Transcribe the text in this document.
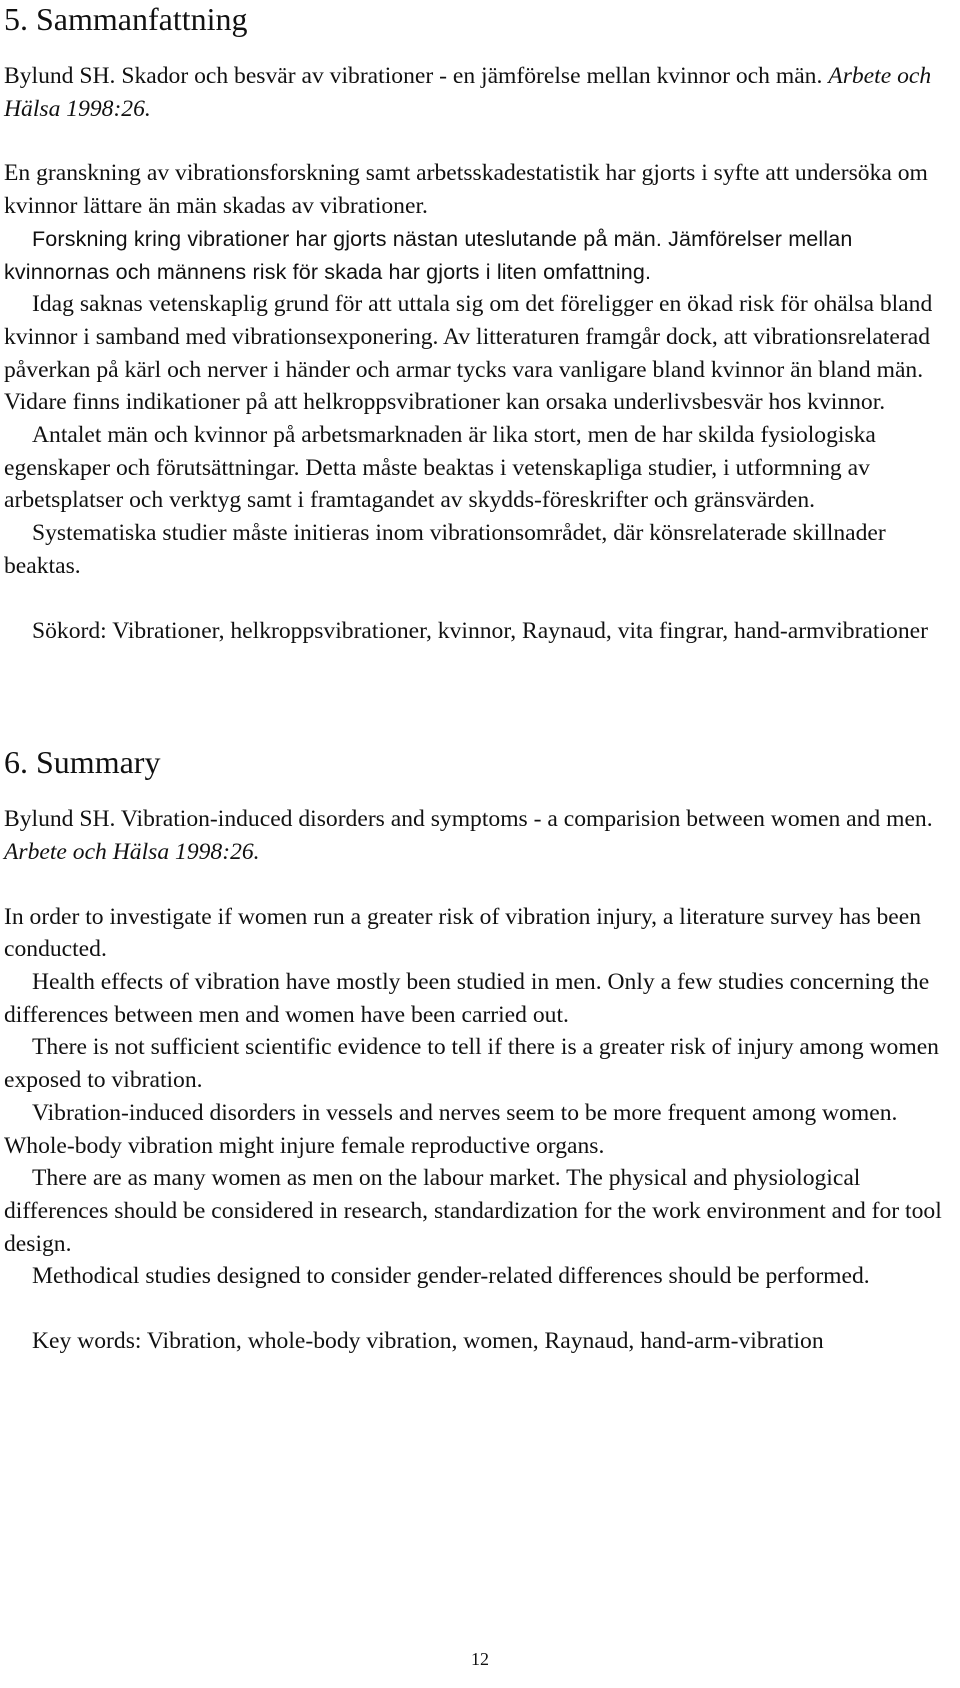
5. Sammanfattning

Bylund SH. Skador och besvär av vibrationer - en jämförelse mellan kvinnor och män. Arbete och Hälsa 1998:26.

En granskning av vibrationsforskning samt arbetsskadestatistik har gjorts i syfte att undersöka om kvinnor lättare än män skadas av vibrationer.

Forskning kring vibrationer har gjorts nästan uteslutande på män. Jämförelser mellan kvinnornas och männens risk för skada har gjorts i liten omfattning.

Idag saknas vetenskaplig grund för att uttala sig om det föreligger en ökad risk för ohälsa bland kvinnor i samband med vibrationsexponering. Av litteraturen framgår dock, att vibrationsrelaterad påverkan på kärl och nerver i händer och armar tycks vara vanligare bland kvinnor än bland män. Vidare finns indikationer på att helkroppsvibrationer kan orsaka underlivsbesvär hos kvinnor.

Antalet män och kvinnor på arbetsmarknaden är lika stort, men de har skilda fysiologiska egenskaper och förutsättningar. Detta måste beaktas i vetenskapliga studier, i utformning av arbetsplatser och verktyg samt i framtagandet av skydds-föreskrifter och gränsvärden.

Systematiska studier måste initieras inom vibrationsområdet, där könsrelaterade skillnader beaktas.

Sökord: Vibrationer, helkroppsvibrationer, kvinnor, Raynaud, vita fingrar, hand-armvibrationer

6. Summary

Bylund SH. Vibration-induced disorders and symptoms - a comparision between women and men. Arbete och Hälsa 1998:26.

In order to investigate if women run a greater risk of vibration injury, a literature survey has been conducted.

Health effects of vibration have mostly been studied in men. Only a few studies concerning the differences between men and women have been carried out.

There is not sufficient scientific evidence to tell if there is a greater risk of injury among women exposed to vibration.

Vibration-induced disorders in vessels and nerves seem to be more frequent among women. Whole-body vibration might injure female reproductive organs.

There are as many women as men on the labour market. The physical and physiological differences should be considered in research, standardization for the work environment and for tool design.

Methodical studies designed to consider gender-related differences should be performed.

Key words: Vibration, whole-body vibration, women, Raynaud, hand-arm-vibration

12
